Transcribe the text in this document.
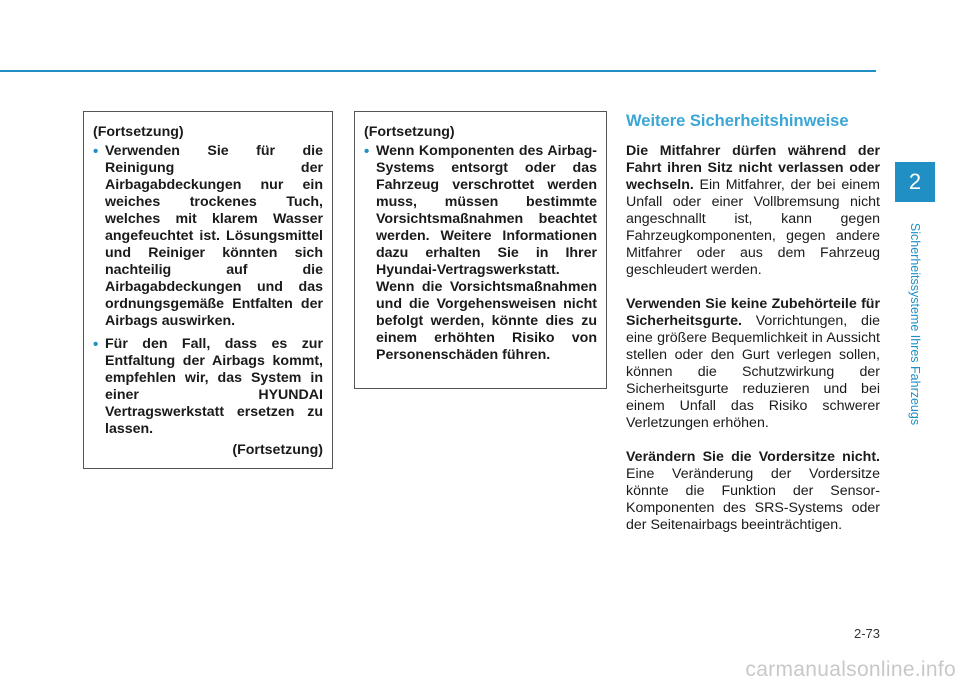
(Fortsetzung)
• Verwenden Sie für die Reinigung der Airbagabdeckungen nur ein weiches trockenes Tuch, welches mit klarem Wasser angefeuchtet ist. Lösungsmittel und Reiniger könnten sich nachteilig auf die Airbagabdeckungen und das ordnungsgemäße Entfalten der Airbags auswirken.
• Für den Fall, dass es zur Entfaltung der Airbags kommt, empfehlen wir, das System in einer HYUNDAI Vertragswerkstatt ersetzen zu lassen.
(Fortsetzung)
(Fortsetzung)
• Wenn Komponenten des Airbag-Systems entsorgt oder das Fahrzeug verschrottet werden muss, müssen bestimmte Vorsichtsmaßnahmen beachtet werden. Weitere Informationen dazu erhalten Sie in Ihrer Hyundai-Vertragswerkstatt. Wenn die Vorsichtsmaßnahmen und die Vorgehensweisen nicht befolgt werden, könnte dies zu einem erhöhten Risiko von Personenschäden führen.
Weitere Sicherheitshinweise

Die Mitfahrer dürfen während der Fahrt ihren Sitz nicht verlassen oder wechseln. Ein Mitfahrer, der bei einem Unfall oder einer Vollbremsung nicht angeschnallt ist, kann gegen Fahrzeugkomponenten, gegen andere Mitfahrer oder aus dem Fahrzeug geschleudert werden.

Verwenden Sie keine Zubehörteile für Sicherheitsgurte. Vorrichtungen, die eine größere Bequemlichkeit in Aussicht stellen oder den Gurt verlegen sollen, können die Schutzwirkung der Sicherheitsgurte reduzieren und bei einem Unfall das Risiko schwerer Verletzungen erhöhen.

Verändern Sie die Vordersitze nicht. Eine Veränderung der Vordersitze könnte die Funktion der Sensor-Komponenten des SRS-Systems oder der Seitenairbags beeinträchtigen.

2
Sicherheitssysteme Ihres Fahrzeugs
2-73
carmanualsonline.info
